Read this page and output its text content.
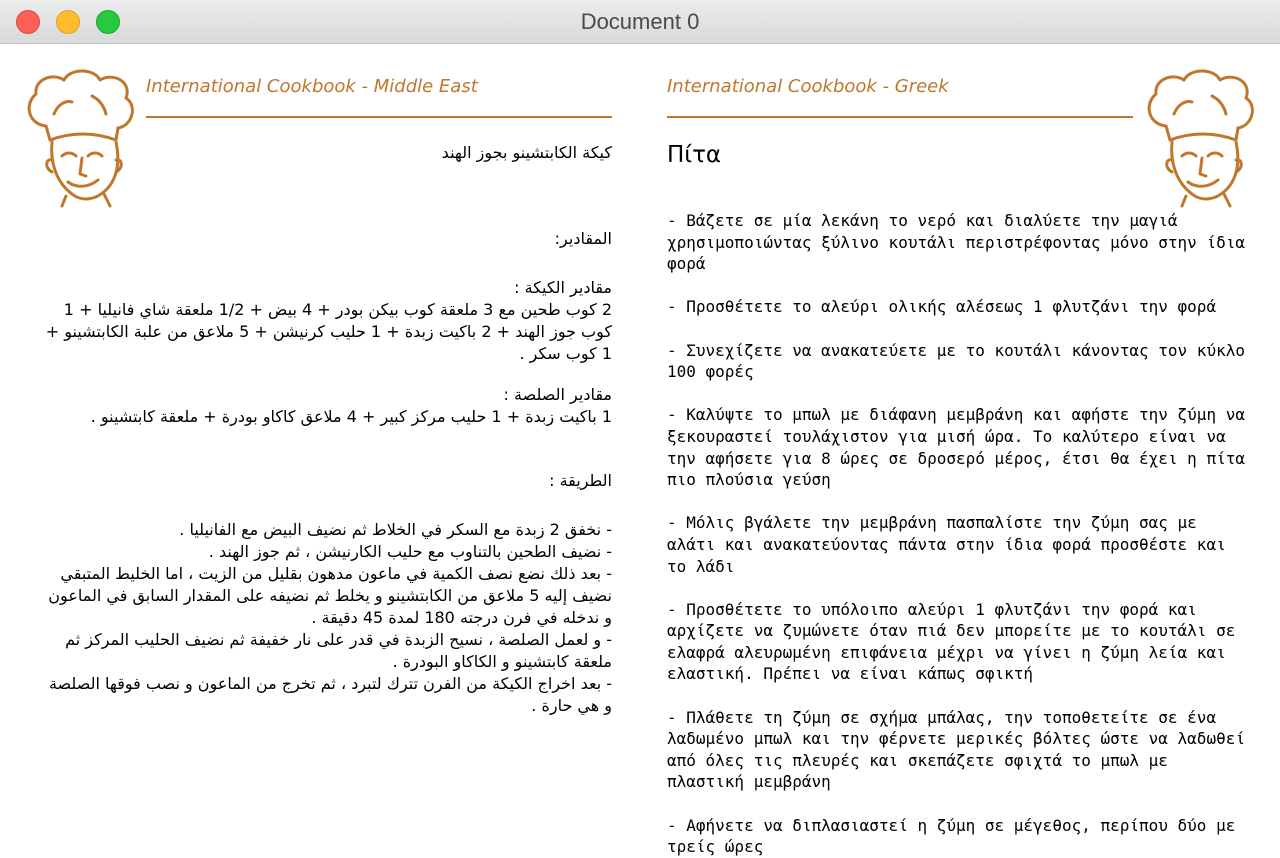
Document 0
International Cookbook - Middle East	International Cookbook - Greek
كيكة الكابتشينو بجوز الهند

المقادير:

مقادير الكيكة :

2 كوب طحين مع 3 ملعقة كوب بيكن بودر + 4 بيض + 1/2 ملعقة شاي فانيليا + 1 كوب جوز الهند + 2 باكيت زبدة + 1 حليب كرنيشن + 5 ملاعق من علبة الكابتشينو + 1 كوب سكر .

مقادير الصلصة :

1 باكيت زبدة + 1 حليب مركز كبير + 4 ملاعق كاكاو بودرة + ملعقة كابتشينو .

الطريقة :

- نخفق 2 زبدة مع السكر في الخلاط ثم نضيف البيض مع الفانيليا .

- نضيف الطحين بالتناوب مع حليب الكارنيشن ، ثم جوز الهند .

- بعد ذلك نضع نصف الكمية في ماعون مدهون بقليل من الزيت ، اما الخليط المتبقي نضيف إليه 5 ملاعق من الكابتشينو و يخلط ثم نضيفه على المقدار السابق في الماعون و ندخله في فرن درجته 180 لمدة 45 دقيقة .

- و لعمل الصلصة ، نسيح الزبدة في قدر على نار خفيفة ثم نضيف الحليب المركز ثم ملعقة كابتشينو و الكاكاو البودرة .

- بعد اخراج الكيكة من الفرن تترك لتبرد ، ثم تخرج من الماعون و نصب فوقها الصلصة و هي حارة .

Πίτα

- Βάζετε σε μία λεκάνη το νερό και διαλύετε την μαγιά χρησιμοποιώντας ξύλινο κουτάλι περιστρέφοντας μόνο στην ίδια φορά

- Προσθέτετε το αλεύρι ολικής αλέσεως 1 φλυτζάνι την φορά

- Συνεχίζετε να ανακατεύετε με το κουτάλι κάνοντας τον κύκλο 100 φορές

- Καλύψτε το μπωλ με διάφανη μεμβράνη και αφήστε την ζύμη να ξεκουραστεί τουλάχιστον για μισή ώρα. Το καλύτερο είναι να την αφήσετε για 8 ώρες σε δροσερό μέρος, έτσι θα έχει η πίτα πιο πλούσια γεύση

- Μόλις βγάλετε την μεμβράνη πασπαλίστε την ζύμη σας με αλάτι και ανακατεύοντας πάντα στην ίδια φορά προσθέστε και το λάδι

- Προσθέτετε το υπόλοιπο αλεύρι 1 φλυτζάνι την φορά και αρχίζετε να ζυμώνετε όταν πιά δεν μπορείτε με το κουτάλι σε ελαφρά αλευρωμένη επιφάνεια μέχρι να γίνει η ζύμη λεία και ελαστική. Πρέπει να είναι κάπως σφικτή

- Πλάθετε τη ζύμη σε σχήμα μπάλας, την τοποθετείτε σε ένα λαδωμένο μπωλ και την φέρνετε μερικές βόλτες ώστε να λαδωθεί από όλες τις πλευρές και σκεπάζετε σφιχτά το μπωλ με πλαστική μεμβράνη

- Αφήνετε να διπλασιαστεί η ζύμη σε μέγεθος, περίπου δύο με τρείς ώρες
